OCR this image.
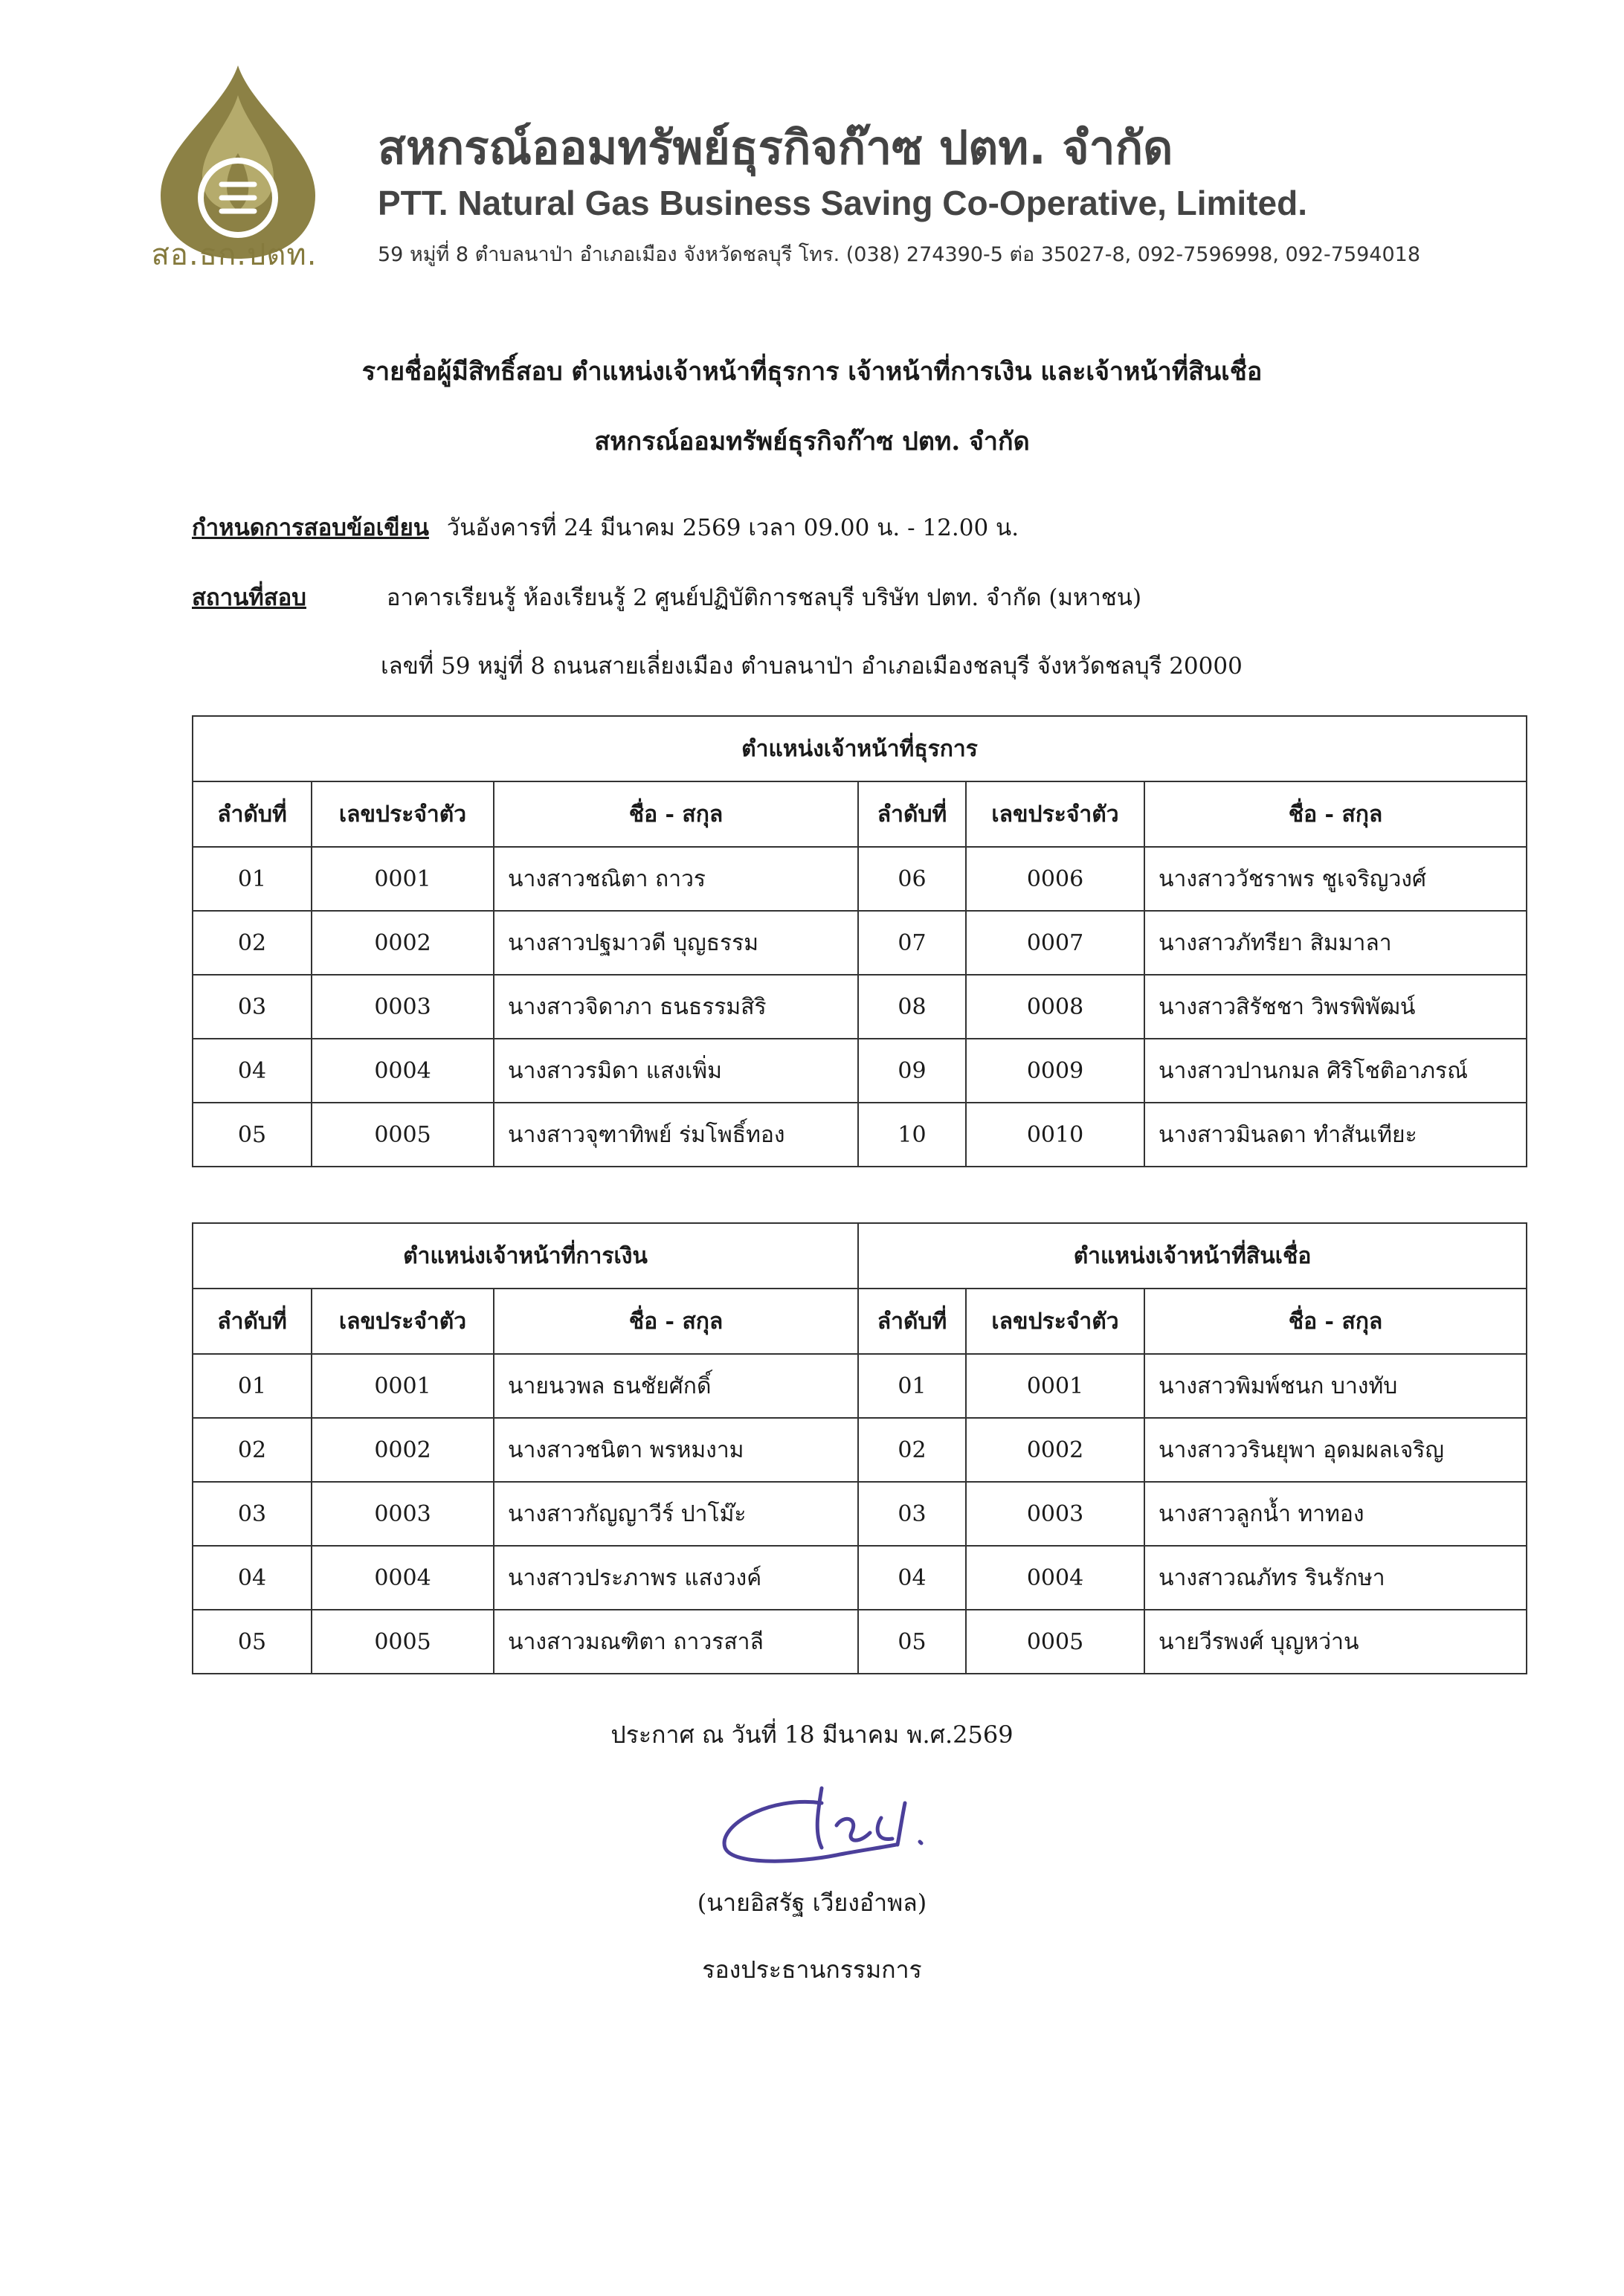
สอ.ธก.ปตท.
สหกรณ์ออมทรัพย์ธุรกิจก๊าซ ปตท. จำกัด
PTT. Natural Gas Business Saving Co-Operative, Limited.
59 หมู่ที่ 8 ตำบลนาป่า อำเภอเมือง จังหวัดชลบุรี โทร. (038) 274390-5 ต่อ 35027-8, 092-7596998, 092-7594018
รายชื่อผู้มีสิทธิ์สอบ ตำแหน่งเจ้าหน้าที่ธุรการ เจ้าหน้าที่การเงิน และเจ้าหน้าที่สินเชื่อ
สหกรณ์ออมทรัพย์ธุรกิจก๊าซ ปตท. จำกัด
กำหนดการสอบข้อเขียน วันอังคารที่ 24 มีนาคม 2569 เวลา 09.00 น. - 12.00 น.
สถานที่สอบ	อาคารเรียนรู้ ห้องเรียนรู้ 2 ศูนย์ปฏิบัติการชลบุรี บริษัท ปตท. จำกัด (มหาชน)
เลขที่ 59 หมู่ที่ 8 ถนนสายเลี่ยงเมือง ตำบลนาป่า อำเภอเมืองชลบุรี จังหวัดชลบุรี 20000
ตำแหน่งเจ้าหน้าที่ธุรการ					
ลำดับที่	เลขประจำตัว	ชื่อ - สกุล	ลำดับที่	เลขประจำตัว	ชื่อ - สกุล
01	0001	นางสาวชณิตา ถาวร	06	0006	นางสาววัชราพร ชูเจริญวงศ์
02	0002	นางสาวปฐมาวดี บุญธรรม	07	0007	นางสาวภัทรียา สิมมาลา
03	0003	นางสาวจิดาภา ธนธรรมสิริ	08	0008	นางสาวสิรัชชา วิพรพิพัฒน์
04	0004	นางสาวรมิดา แสงเพิ่ม	09	0009	นางสาวปานกมล ศิริโชติอาภรณ์
05	0005	นางสาวจุฑาทิพย์ ร่มโพธิ์ทอง	10	0010	นางสาวมินลดา ทำสันเทียะ
ตำแหน่งเจ้าหน้าที่การเงิน			ตำแหน่งเจ้าหน้าที่สินเชื่อ		
ลำดับที่	เลขประจำตัว	ชื่อ - สกุล	ลำดับที่	เลขประจำตัว	ชื่อ - สกุล
01	0001	นายนวพล ธนชัยศักดิ์	01	0001	นางสาวพิมพ์ชนก บางทับ
02	0002	นางสาวชนิตา พรหมงาม	02	0002	นางสาววรินยุพา อุดมผลเจริญ
03	0003	นางสาวกัญญาวีร์ ปาโม๊ะ	03	0003	นางสาวลูกน้ำ ทาทอง
04	0004	นางสาวประภาพร แสงวงค์	04	0004	นางสาวณภัทร รินรักษา
05	0005	นางสาวมณฑิตา ถาวรสาลี	05	0005	นายวีรพงศ์ บุญหว่าน
ประกาศ ณ วันที่ 18 มีนาคม พ.ศ.2569
(นายอิสรัฐ เวียงอำพล)
รองประธานกรรมการ
